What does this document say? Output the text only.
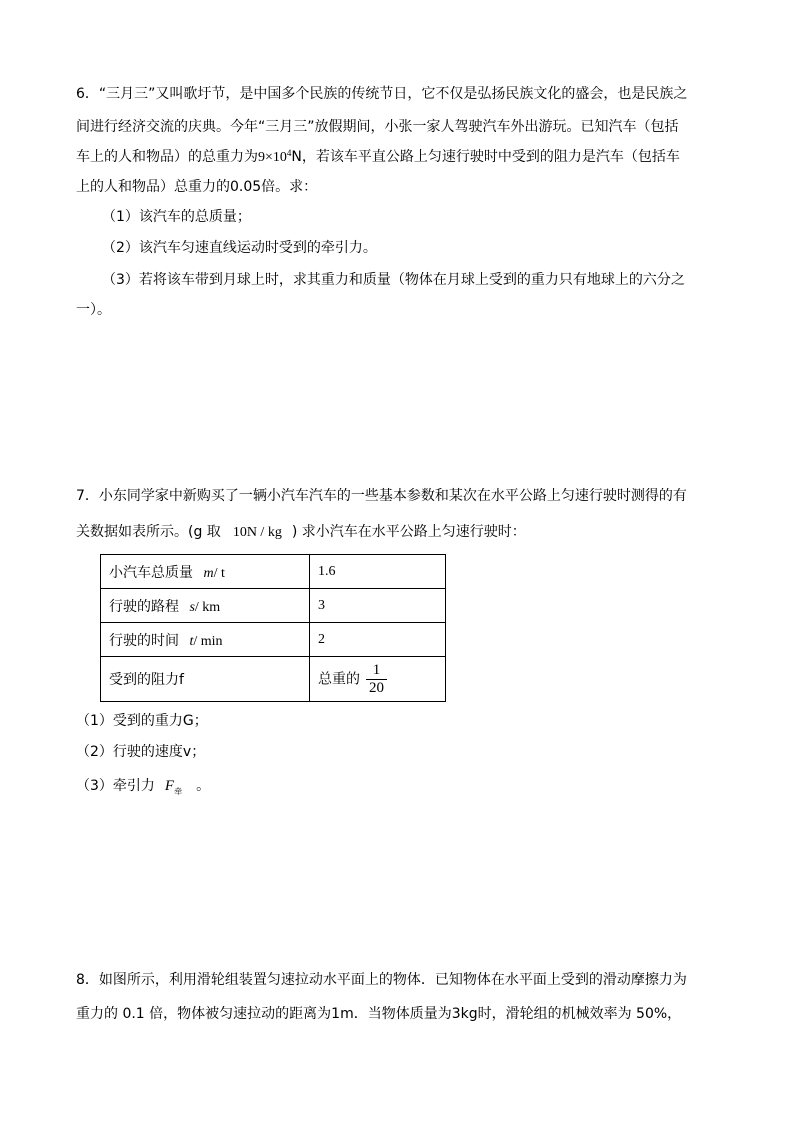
6．“三月三”又叫歌圩节，是中国多个民族的传统节日，它不仅是弘扬民族文化的盛会，也是民族之
间进行经济交流的庆典。今年“三月三”放假期间，小张一家人驾驶汽车外出游玩。已知汽车（包括
车上的人和物品）的总重力为$9\times 10^4N$，若该车平直公路上匀速行驶时中受到的阻力是汽车（包括车
上的人和物品）总重力的0.05倍。求：
（1）该汽车的总质量；
（2）该汽车匀速直线运动时受到的牵引力。
（3）若将该车带到月球上时，求其重力和质量（物体在月球上受到的重力只有地球上的六分之
一）。
7．小东同学家中新购买了一辆小汽车汽车的一些基本参数和某次在水平公路上匀速行驶时测得的有
关数据如表所示。(g 取 10N / kg ) 求小汽车在水平公路上匀速行驶时：
小汽车总质量 m/ t	1.6
行驶的路程 s/ km	3
行驶的时间 t/ min	2
受到的阻力f	总重的 $\frac{1}{20}$
（1）受到的重力G；
（2）行驶的速度v；
（3）牵引力 $F_牵$ 。
8．如图所示，利用滑轮组装置匀速拉动水平面上的物体．已知物体在水平面上受到的滑动摩擦力为
重力的 0.1 倍，物体被匀速拉动的距离为1m．当物体质量为3kg时，滑轮组的机械效率为 50%，
